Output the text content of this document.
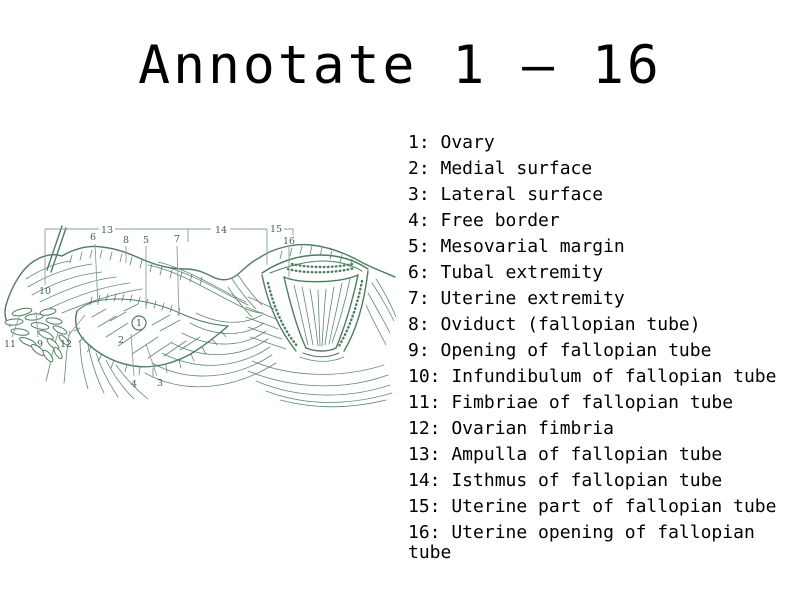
Annotate 1 – 16
1
2
3
4
5
6	7
8
9
10
11	12
13	14	15
16
1: Ovary
2: Medial surface
3: Lateral surface
4: Free border
5: Mesovarial margin
6: Tubal extremity
7: Uterine extremity
8: Oviduct (fallopian tube)
9: Opening of fallopian tube
10: Infundibulum of fallopian tube
11: Fimbriae of fallopian tube
12: Ovarian fimbria
13: Ampulla of fallopian tube
14: Isthmus of fallopian tube
15: Uterine part of fallopian tube
16: Uterine opening of fallopian tube
